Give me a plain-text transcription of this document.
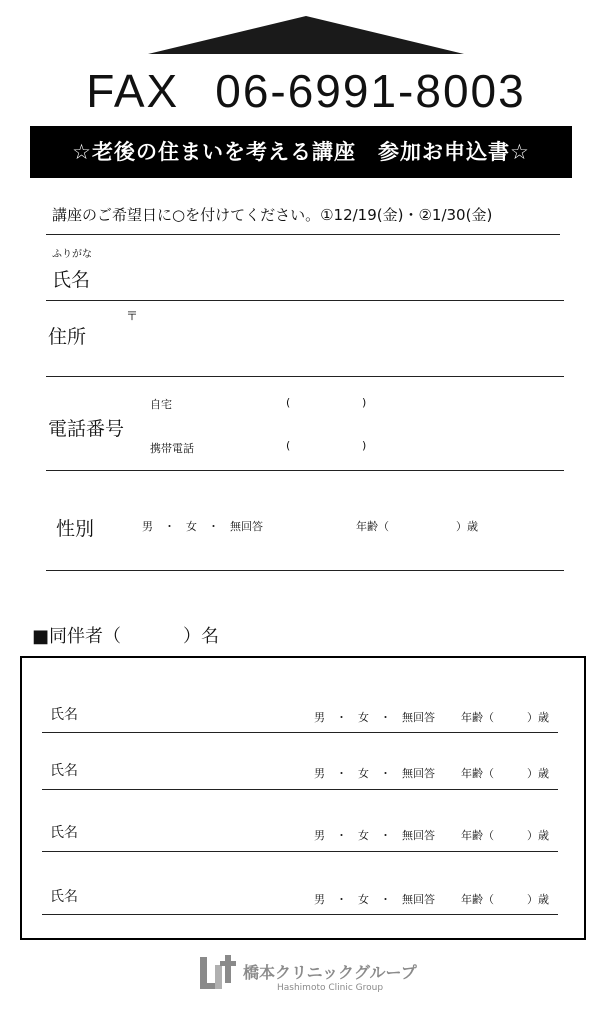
FAX 06-6991-8003
☆老後の住まいを考える講座　参加お申込書☆
講座のご希望日に○を付けてください。①12/19(金)・②1/30(金)
ふりがな
氏名
住所
〒
電話番号
自宅	(	)
携帯電話	(	)
性別	男　・　女　・　無回答	年齢（	）歳
■同伴者（	）名
氏名	男　・　女　・　無回答 年齢（	）歳
氏名	男　・　女　・　無回答 年齢（	）歳
氏名	男　・　女　・　無回答 年齢（	）歳
氏名	男　・　女　・　無回答 年齢（	）歳
橋本クリニックグループ
Hashimoto Clinic Group
